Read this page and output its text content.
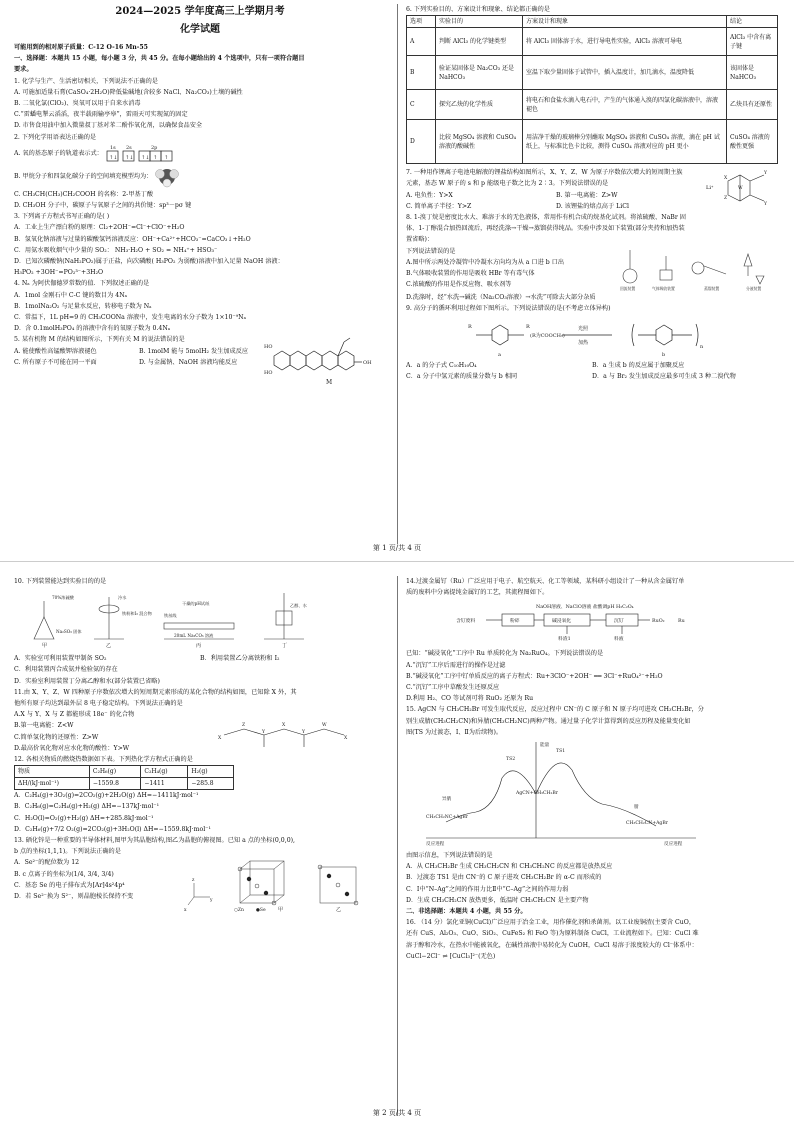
2024—2025 学年度高三上学期月考
化学试题
可能用到的相对原子质量：C-12 O-16 Mn-55
一、选择题：本题共 15 小题，每小题 3 分，共 45 分。在每小题给出的 4 个选项中，只有一项符合题目
要求。
1. 化学与生产、生活密切相关，下列说法不正确的是
A. 可施加适量石膏(CaSO₄·2H₂O)降低盐碱地(含较多 NaCl、Na₂CO₃)土壤的碱性
B. 二氧化氯(ClO₂)、臭氧可以用于自来水消毒
C.“雷蟠电掣云滔滔，夜半载雨输亭皋”，雷雨天可实现氮的固定
D. 市售食用油中加入微量叔丁基对苯二酚作氧化剂，以确保食品安全
2. 下列化学用语表达正确的是
A. 氧的基态原子的轨道表示式：
1s 2s	2p
↑↓ ↑↓ ↑↓ ↑ ↑
B. 甲烷分子和四氯化碳分子的空间填充模型均为：
C. CH₃CH(CH₃)CH₂COOH 的名称：2-甲基丁酸
D. CH₃OH 分子中，碳原子与氧原子之间的共价键：sp³－pσ 键
3. 下列离子方程式书写正确的是( )
A．工业上生产漂白粉的原理：Cl₂+2OH⁻=Cl⁻+ClO⁻+H₂O
B．氢氧化钠溶液与过量的碳酸氢钙溶液反应：OH⁻+Ca²⁺+HCO₃⁻=CaCO₃↓+H₂O
C．用氨水吸收烟气中少量的 SO₂： NH₃·H₂O + SO₂ = NH₄⁺+ HSO₃⁻
D．已知次磷酸钠(NaH₂PO₂)属于正盐，向次磷酸( H₃PO₂ 为弱酸)溶液中加入足量 NaOH 溶液：
H₃PO₂ +3OH⁻=PO₂³⁻+3H₂O
4. Nₐ 为阿伏伽德罗常数的值．下列叙述正确的是
A．1mol 金刚石中 C-C 键的数目为 4Nₐ
B．1molNa₂O₂ 与足量水反应，转移电子数为 Nₐ
C．常温下，1L pH=9 的 CH₃COONa 溶液中，发生电离的水分子数为 1×10⁻⁹Nₐ
D．含 0.1molH₃PO₄ 的溶液中含有的氧原子数为 0.4Nₐ
5. 某有机物 M 的结构如图所示，下列有关 M 的说法错误的是
A. 能使酸性高锰酸钾溶液褪色	B. 1molM 能与 5molH₂ 发生加成反应
C. 所有原子不可能在同一平面	D. 与金属钠、NaOH 溶液均能反应
HO
HO
OH
M
6. 下列实验目的、方案设计和现象、结论都正确的是
选项	实验目的	方案设计和现象	结论
A	判断 AlCl₃ 的化学键类型	将 AlCl₃ 固体溶于水，进行导电性实验，AlCl₃ 溶液可导电	AlCl₃ 中含有离子键
B	验证某固体是 Na₂CO₃ 还是 NaHCO₃	室温下取少量固体于试管中，插入温度计，加几滴水，温度降低	该固体是 NaHCO₃
C	探究乙炔的化学性质	将电石和食盐水滴入电石中，产生的气体通入溴的四氯化碳溶液中，溶液褪色	乙炔具有还原性
D	比较 MgSO₄ 溶液和 CuSO₄ 溶液的酸碱性	用洁净干燥的玻璃棒分别蘸取 MgSO₄ 溶液和 CuSO₄ 溶液，滴在 pH 试纸上，与标准比色卡比较，测得 CuSO₄ 溶液对应的 pH 更小	CuSO₄ 溶液的酸性更强
7. 一种用作锂离子电池电解液的锂盐结构如图所示，X、Y、Z、W 为原子序数依次增大的短周期主族
元素，基态 W 原子的 s 和 p 能级电子数之比为 2∶3。下列说法错误的是
A. 电负性：Y>X	B. 第一电离能：Z>W
C. 简单离子半径：Y>Z	D. 该锂盐的熔点高于 LiCl
Li⁺	W
X
Z
Y
Y
8. 1-溴丁烷是密度比水大、难溶于水的无色液体，常用作有机合成的烷基化试剂。将浓硫酸、NaBr 固
体、1-丁醇混合加热回流后，再经洗涤→干燥→蒸馏获得纯品。实验中涉及如下装置(部分夹持和加热装
置省略)：
下列说法错误的是
A.图中所示两处冷凝管中冷凝水方向均为从 a 口进 b 口出
B.气体吸收装置的作用是吸收 HBr 等有毒气体
C.浓硫酸的作用是作反应物、吸水剂等	回流装置	气体吸收装置	蒸馏装置	分液装置
D.洗涤时，经“水洗→碱洗（Na₂CO₃溶液）→水洗”可除去大部分杂质
9. 高分子的循环利用过程如下图所示。下列说法错误的是(不考虑立体异构)
R	R
(R为COOCH₃)
光照
加热
a	b
n
A．a 的分子式 C₁₀H₁₀O₄	B．a 生成 b 的反应属于加聚反应
C．a 分子中氢元素的质量分数与 b 相同	D．a 与 Br₂ 发生加成反应最多可生成 3 种二溴代物
第 1 页/共 4 页
10. 下列装置能达到实验目的的是
70%浓硫酸
Na₂SO₃ 固体
冷水
铁粉和I₂ 混合物
干燥的pH试纸
铁丝线
20mL Na₂CO₃ 溶液
乙醇、水
甲	乙	丙	丁
A．实验室可利用装置甲制备 SO₂	B．利用装置乙分离铁粉和 I₂
C．利用装置丙合成氨并检验氨的存在
D．实验室利用装置丁分离乙醇和水(部分装置已省略)
11.由 X、Y、Z、W 四种原子序数依次增大的短周期元素形成的某化合物的结构如图，已知除 X 外，其
他所有原子均达到最外层 8 电子稳定结构。下列说法正确的是
A.X 与 Y、X 与 Z 都能形成 18e⁻ 的化合物
B.第一电离能：Z<W
C.简单氢化物的还原性：Z>W
D.最高价氧化物对应水化物的酸性：Y>W
X
Z
Y
X
Y
W
X
12. 各相关物质的燃烧热数据如下表。下列热化学方程式正确的是
物质	C₂H₆(g)	C₂H₄(g)	H₂(g)
ΔH/(kJ·mol⁻¹)	−1559.8	−1411	−285.8
A．C₂H₄(g)+3O₂(g)=2CO₂(g)+2H₂O(g) ΔH=−1411kJ·mol⁻¹
B．C₂H₆(g)=C₂H₄(g)+H₂(g) ΔH=−137kJ·mol⁻¹
C．H₂O(l)=O₂(g)+H₂(g) ΔH=+285.8kJ·mol⁻¹
D．C₂H₆(g)+7/2 O₂(g)=2CO₂(g)+3H₂O(l) ΔH=−1559.8kJ·mol⁻¹
13. 硒化锌是一种重要的半导体材料,图甲为其晶胞结构,图乙为晶胞的俯视图。已知 a 点的坐标(0,0,0),
b 点的坐标(1,1,1)。下列说法正确的是
A．Se²⁻的配位数为 12
B. c 点离子的坐标为(1/4, 3/4, 3/4)
C．基态 Se 的电子排布式为[Ar]4s²4p⁴
D．若 Se²⁻换为 S²⁻，则晶胞棱长保持不变
y
z
x	○Zn	●Se 甲	乙
14.过渡金属钌（Ru）广泛应用于电子、航空航天、化工等领域，某科研小组设计了一种从含金属钌单
质的废料中分离提纯金属钌的工艺，其流程图如下。
NaOH溶液、NaClO溶液 盐酸调pH H₂C₂O₄
含钌废料	粉碎	碱浸氧化	沉钌	RuO₂	Ru
料渣1	料液
已知：“碱浸氧化”工序中 Ru 单质转化为 Na₂RuO₄。下列说法错误的是
A.“沉钌”工序后需进行的操作是过滤
B.“碱浸氧化”工序中钌单质反应的离子方程式：Ru+3ClO⁻+2OH⁻ ══ 3Cl⁻+RuO₄²⁻+H₂O
C.“沉钌”工序中草酸发生还原反应
D.利用 H₂、CO 等试剂可将 RuO₂ 还原为 Ru
15. AgCN 与 CH₃CH₂Br 可发生取代反应，反应过程中 CN⁻的 C 原子和 N 原子均可进攻 CH₃CH₂Br，分
别生成腈(CH₃CH₂CN)和异腈(CH₃CH₂NC)两种产物。通过量子化学计算得到的反应历程及能量变化如
图(TS 为过渡态，Ⅰ、Ⅱ为后续物)。
能量
TS2
TS1
异腈
腈
AgCN+CH₃CH₂Br
CH₃CH₂NC+AgBr
CH₃CH₂CN+AgBr
反应进程	反应进程
由图示信息，下列说法错误的是
A．从 CH₃CH₂Br 生成 CH₃CH₂CN 和 CH₃CH₂NC 的反应都是放热反应
B．过渡态 TS1 是由 CN⁻的 C 原子进攻 CH₃CH₂Br 的 α-C 而形成的
C．Ⅰ中“N–Ag”之间的作用力比Ⅱ中“C–Ag”之间的作用力弱
D．生成 CH₃CH₂CN 放热更多，低温时 CH₃CH₂CN 是主要产物
二、非选择题：本题共 4 小题，共 55 分。
16. （14 分）氯化亚铜(CuCl)广泛应用于冶金工业，用作催化剂和杀菌剂。以工业废铜渣(主要含 CuO，
还有 CuS、Al₂O₃、CuO、SiO₂、CuFeS₂ 和 FeO 等)为原料制备 CuCl，工业流程如下。已知：CuCl 难
溶于醇和冷水，在热水中能被氧化，在碱性溶液中易转化为 CuOH，CuCl 易溶于浓度较大的 Cl⁻体系中：
CuCl−2Cl⁻ ⇌ [CuCl₃]²⁻(无色)
第 2 页/共 4 页
